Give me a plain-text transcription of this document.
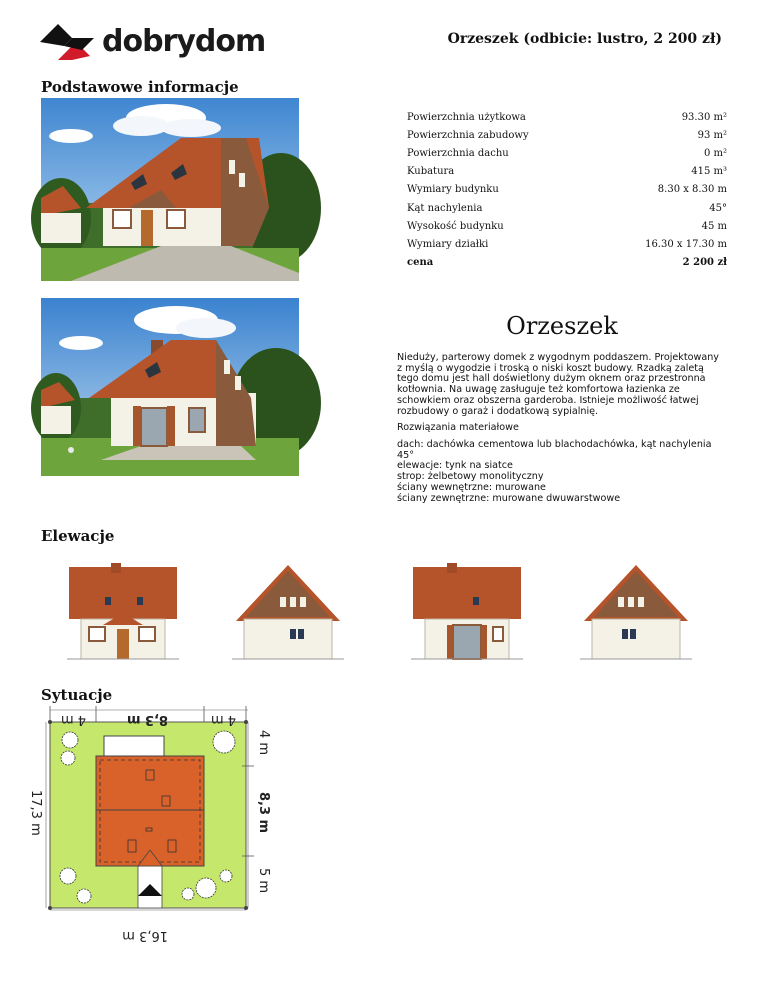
dobrydom	Orzeszek (odbicie: lustro, 2 200 zł)
Podstawowe informacje
Powierzchnia użytkowa	93.30 m²
Powierzchnia zabudowy	93 m²
Powierzchnia dachu	0 m²
Kubatura	415 m³
Wymiary budynku	8.30 x 8.30 m
Kąt nachylenia	45°
Wysokość budynku	45 m
Wymiary działki	16.30 x 17.30 m
cena	2 200 zł
Orzeszek
Nieduży, parterowy domek z wygodnym poddaszem. Projektowany z myślą o wygodzie i troską o niski koszt budowy. Rzadką zaletą tego domu jest hall doświetlony dużym oknem oraz przestronna kotłownia. Na uwagę zasługuje też komfortowa łazienka ze schowkiem oraz obszerna garderoba. Istnieje możliwość łatwej rozbudowy o garaż i dodatkową sypialnię.
Rozwiązania materiałowe
dach: dachówka cementowa lub blachodachówka, kąt nachylenia 45°
elewacje: tynk na siatce
strop: żelbetowy monolityczny
ściany wewnętrzne: murowane
ściany zewnętrzne: murowane dwuwarstwowe
Elewacje
Sytuacje
4 m	8,3 m	4 m
4 m
8,3 m
5 m
17,3 m
16,3 m
